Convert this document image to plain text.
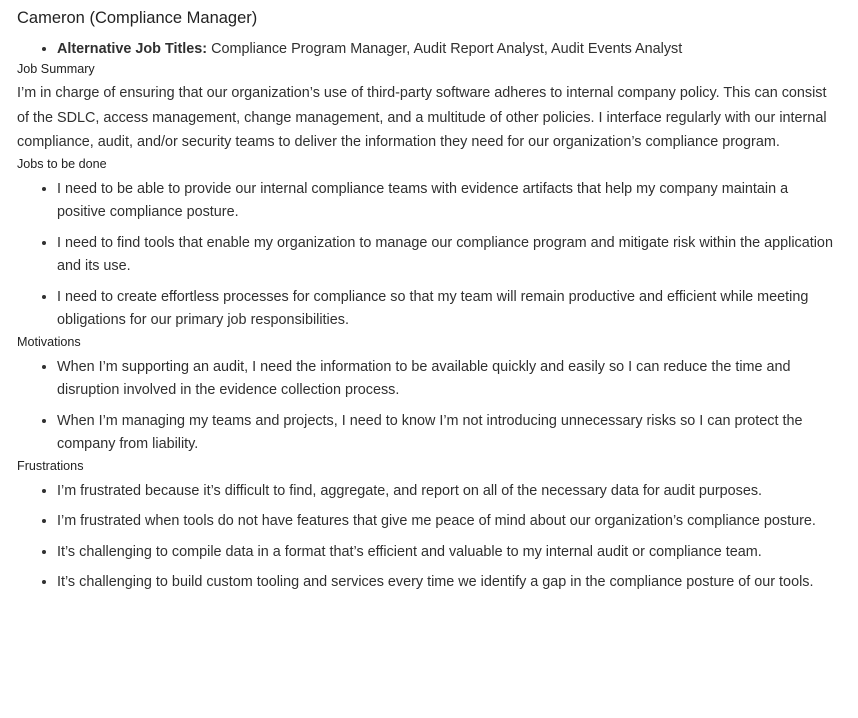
Cameron (Compliance Manager)
• Alternative Job Titles: Compliance Program Manager, Audit Report Analyst, Audit Events Analyst
Job Summary

I’m in charge of ensuring that our organization’s use of third-party software adheres to internal company policy. This can consist of the SDLC, access management, change management, and a multitude of other policies. I interface regularly with our internal compliance, audit, and/or security teams to deliver the information they need for our organization’s compliance program.

Jobs to be done
• I need to be able to provide our internal compliance teams with evidence artifacts that help my company maintain a positive compliance posture.
• I need to find tools that enable my organization to manage our compliance program and mitigate risk within the application and its use.
• I need to create effortless processes for compliance so that my team will remain productive and efficient while meeting obligations for our primary job responsibilities.
Motivations
• When I’m supporting an audit, I need the information to be available quickly and easily so I can reduce the time and disruption involved in the evidence collection process.
• When I’m managing my teams and projects, I need to know I’m not introducing unnecessary risks so I can protect the company from liability.
Frustrations
• I’m frustrated because it’s difficult to find, aggregate, and report on all of the necessary data for audit purposes.
• I’m frustrated when tools do not have features that give me peace of mind about our organization’s compliance posture.
• It’s challenging to compile data in a format that’s efficient and valuable to my internal audit or compliance team.
• It’s challenging to build custom tooling and services every time we identify a gap in the compliance posture of our tools.
